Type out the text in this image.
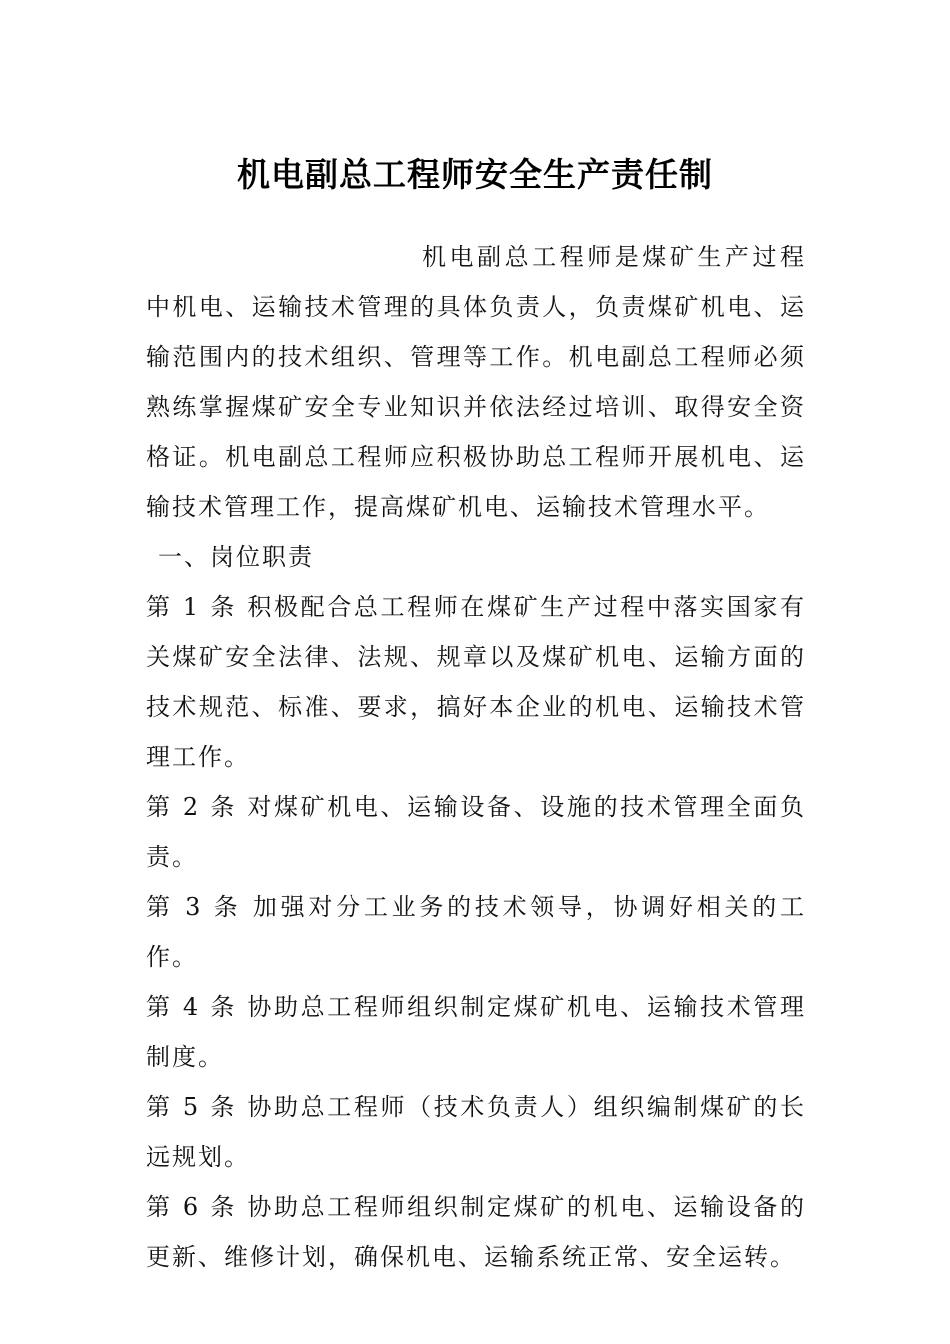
机电副总工程师安全生产责任制

机电副总工程师是煤矿生产过程中机电、运输技术管理的具体负责人，负责煤矿机电、运输范围内的技术组织、管理等工作。机电副总工程师必须熟练掌握煤矿安全专业知识并依法经过培训、取得安全资格证。机电副总工程师应积极协助总工程师开展机电、运输技术管理工作，提高煤矿机电、运输技术管理水平。

一、岗位职责

第 1 条 积极配合总工程师在煤矿生产过程中落实国家有关煤矿安全法律、法规、规章以及煤矿机电、运输方面的技术规范、标准、要求，搞好本企业的机电、运输技术管理工作。

第 2 条 对煤矿机电、运输设备、设施的技术管理全面负责。

第 3 条 加强对分工业务的技术领导，协调好相关的工作。

第 4 条 协助总工程师组织制定煤矿机电、运输技术管理制度。

第 5 条 协助总工程师（技术负责人）组织编制煤矿的长远规划。

第 6 条 协助总工程师组织制定煤矿的机电、运输设备的更新、维修计划，确保机电、运输系统正常、安全运转。
